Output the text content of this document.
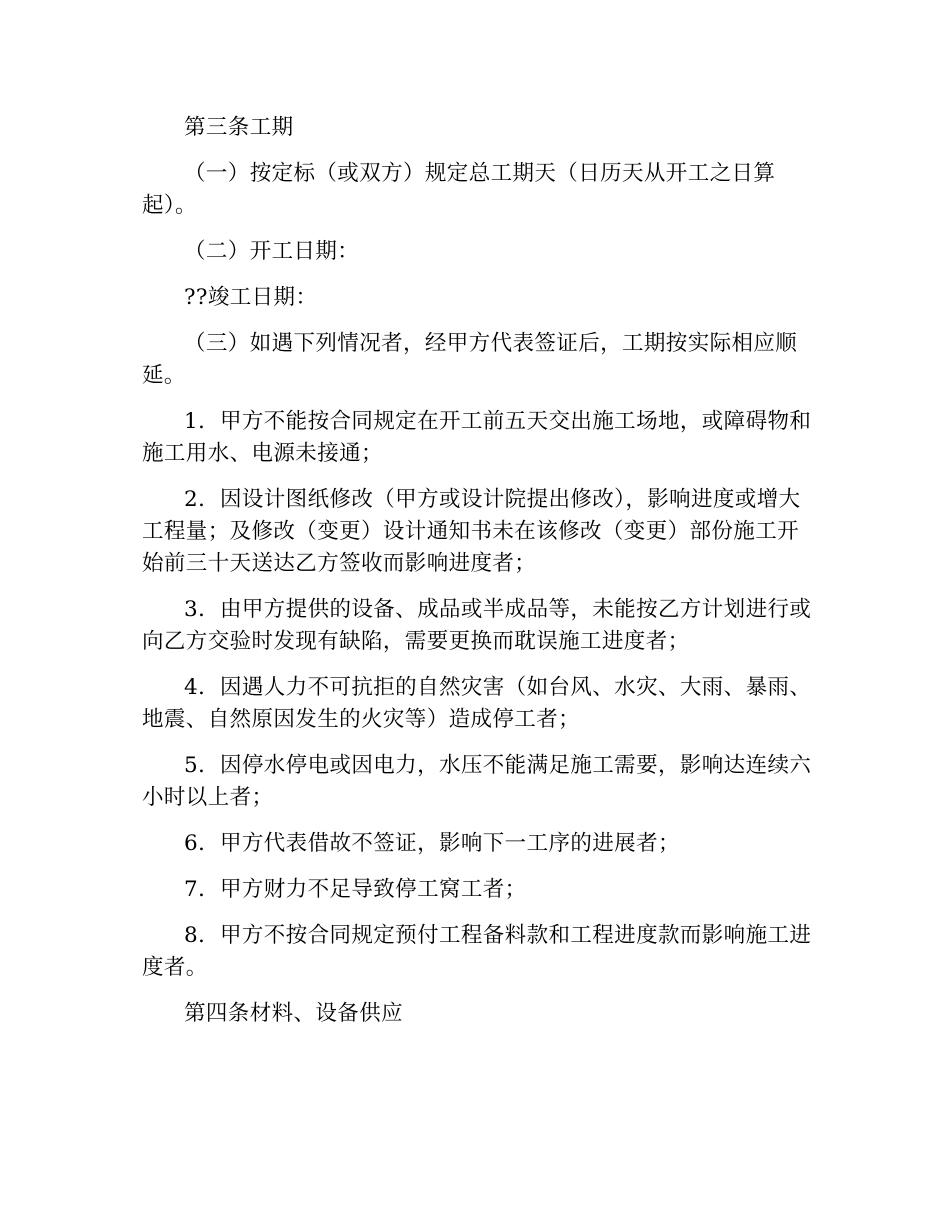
第三条工期

（一）按定标（或双方）规定总工期天（日历天从开工之日算起）。

（二）开工日期：

??竣工日期：

（三）如遇下列情况者，经甲方代表签证后，工期按实际相应顺延。

1．甲方不能按合同规定在开工前五天交出施工场地，或障碍物和施工用水、电源未接通；

2．因设计图纸修改（甲方或设计院提出修改），影响进度或增大工程量；及修改（变更）设计通知书未在该修改（变更）部份施工开始前三十天送达乙方签收而影响进度者；

3．由甲方提供的设备、成品或半成品等，未能按乙方计划进行或向乙方交验时发现有缺陷，需要更换而耽误施工进度者；

4．因遇人力不可抗拒的自然灾害（如台风、水灾、大雨、暴雨、地震、自然原因发生的火灾等）造成停工者；

5．因停水停电或因电力，水压不能满足施工需要，影响达连续六小时以上者；

6．甲方代表借故不签证，影响下一工序的进展者；

7．甲方财力不足导致停工窝工者；

8．甲方不按合同规定预付工程备料款和工程进度款而影响施工进度者。

第四条材料、设备供应
